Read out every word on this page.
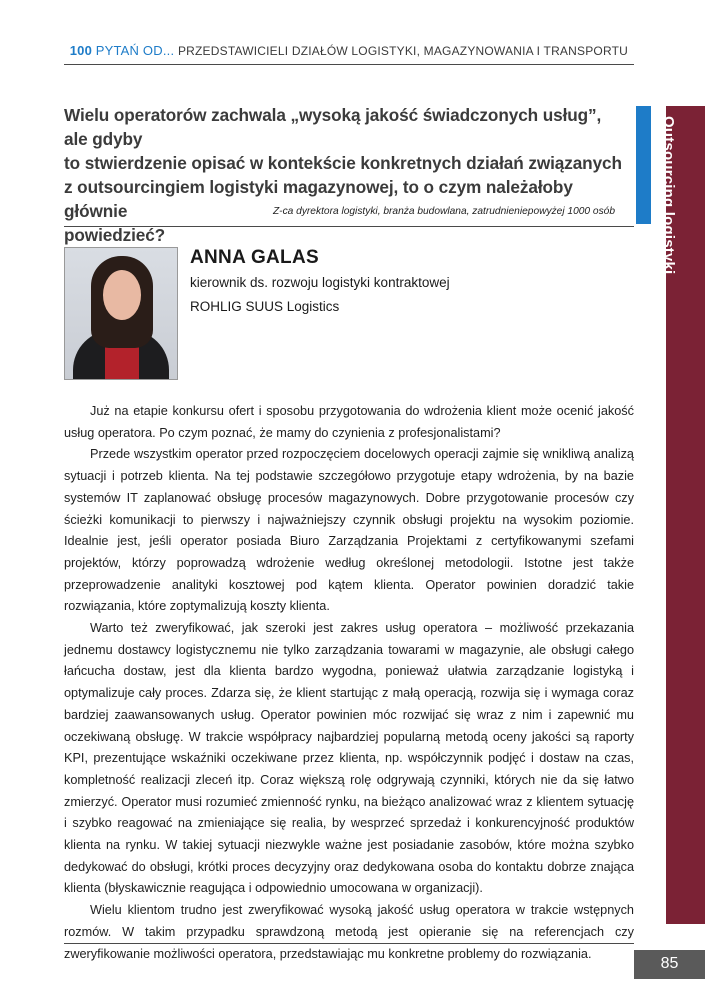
100 PYTAŃ OD... PRZEDSTAWICIELI DZIAŁÓW LOGISTYKI, MAGAZYNOWANIA I TRANSPORTU
Outsourcing logistyki
Wielu operatorów zachwala „wysoką jakość świadczonych usług”, ale gdyby
to stwierdzenie opisać w kontekście konkretnych działań związanych
z outsourcingiem logistyki magazynowej, to o czym należałoby głównie
powiedzieć?
Z-ca dyrektora logistyki, branża budowlana, zatrudnieniepowyżej 1000 osób
ANNA GALAS
kierownik ds. rozwoju logistyki kontraktowej
ROHLIG SUUS Logistics

Już na etapie konkursu ofert i sposobu przygotowania do wdrożenia klient może ocenić jakość usług operatora. Po czym poznać, że mamy do czynienia z profesjonalistami?

Przede wszystkim operator przed rozpoczęciem docelowych operacji zajmie się wnikliwą analizą sytuacji i potrzeb klienta. Na tej podstawie szczegółowo przygotuje etapy wdrożenia, by na bazie systemów IT zaplanować obsługę procesów magazynowych. Dobre przygotowanie procesów czy ścieżki komunikacji to pierwszy i najważniejszy czynnik obsługi projektu na wysokim poziomie. Idealnie jest, jeśli operator posiada Biuro Zarządzania Projektami z certyfikowanymi szefami projektów, którzy poprowadzą wdrożenie według określonej metodologii. Istotne jest także przeprowadzenie analityki kosztowej pod kątem klienta. Operator powinien doradzić takie rozwiązania, które zoptymalizują koszty klienta.

Warto też zweryfikować, jak szeroki jest zakres usług operatora – możliwość przekazania jednemu dostawcy logistycznemu nie tylko zarządzania towarami w magazynie, ale obsługi całego łańcucha dostaw, jest dla klienta bardzo wygodna, ponieważ ułatwia zarządzanie logistyką i optymalizuje cały proces. Zdarza się, że klient startując z małą operacją, rozwija się i wymaga coraz bardziej zaawansowanych usług. Operator powinien móc rozwijać się wraz z nim i zapewnić mu oczekiwaną obsługę. W trakcie współpracy najbardziej popularną metodą oceny jakości są raporty KPI, prezentujące wskaźniki oczekiwane przez klienta, np. współczynnik podjęć i dostaw na czas, kompletność realizacji zleceń itp. Coraz większą rolę odgrywają czynniki, których nie da się łatwo zmierzyć. Operator musi rozumieć zmienność rynku, na bieżąco analizować wraz z klientem sytuację i szybko reagować na zmieniające się realia, by wesprzeć sprzedaż i konkurencyjność produktów klienta na rynku. W takiej sytuacji niezwykle ważne jest posiadanie zasobów, które można szybko dedykować do obsługi, krótki proces decyzyjny oraz dedykowana osoba do kontaktu dobrze znająca klienta (błyskawicznie reagująca i odpowiednio umocowana w organizacji).

Wielu klientom trudno jest zweryfikować wysoką jakość usług operatora w trakcie wstępnych rozmów. W takim przypadku sprawdzoną metodą jest opieranie się na referencjach czy zweryfikowanie możliwości operatora, przedstawiając mu konkretne problemy do rozwiązania.

85
